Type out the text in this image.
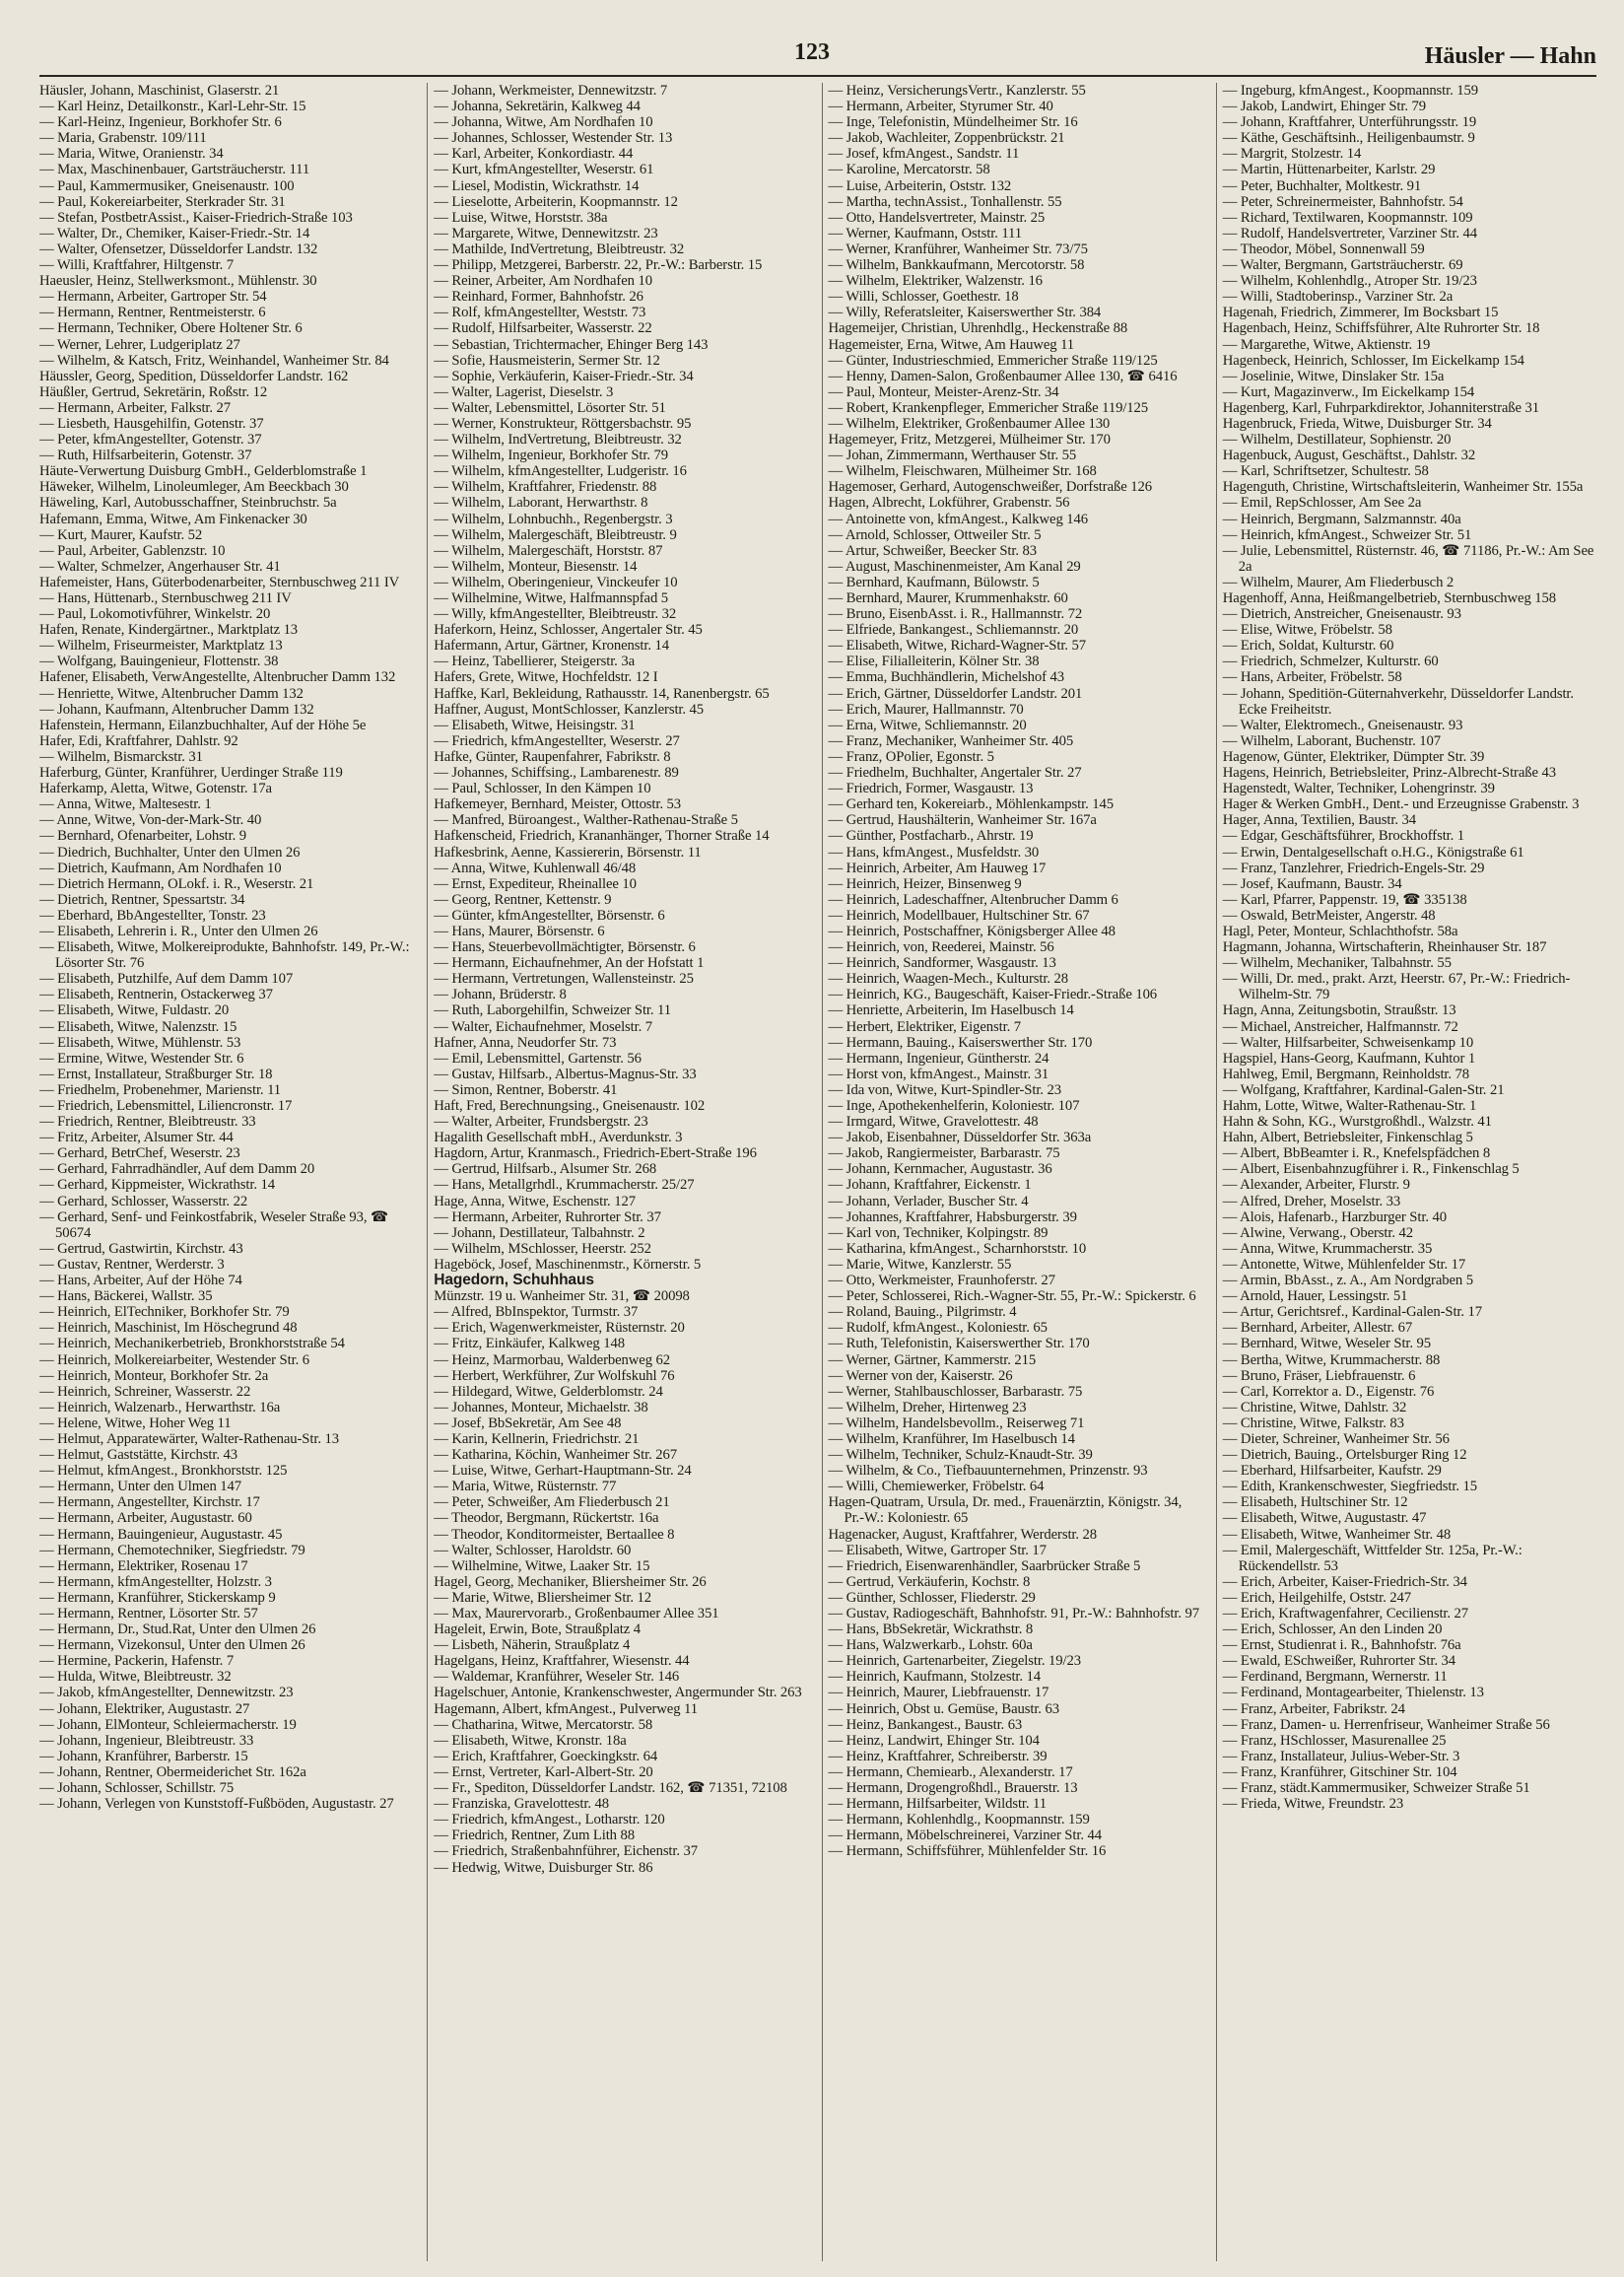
123	Häusler — Hahn

Häusler, Johann, Maschinist, Glaserstr. 21

— Karl Heinz, Detailkonstr., Karl-Lehr-Str. 15

— Karl-Heinz, Ingenieur, Borkhofer Str. 6

— Maria, Grabenstr. 109/111

— Maria, Witwe, Oranienstr. 34

— Max, Maschinenbauer, Gartsträucherstr. 111

— Paul, Kammermusiker, Gneisenaustr. 100

— Paul, Kokereiarbeiter, Sterkrader Str. 31

— Stefan, PostbetrAssist., Kaiser-Friedrich-Straße 103

— Walter, Dr., Chemiker, Kaiser-Friedr.-Str. 14

— Walter, Ofensetzer, Düsseldorfer Landstr. 132

— Willi, Kraftfahrer, Hiltgenstr. 7

Haeusler, Heinz, Stellwerksmont., Mühlenstr. 30

— Hermann, Arbeiter, Gartroper Str. 54

— Hermann, Rentner, Rentmeisterstr. 6

— Hermann, Techniker, Obere Holtener Str. 6

— Werner, Lehrer, Ludgeriplatz 27

— Wilhelm, & Katsch, Fritz, Weinhandel, Wanheimer Str. 84

Häussler, Georg, Spedition, Düsseldorfer Landstr. 162

Häußler, Gertrud, Sekretärin, Roßstr. 12

— Hermann, Arbeiter, Falkstr. 27

— Liesbeth, Hausgehilfin, Gotenstr. 37

— Peter, kfmAngestellter, Gotenstr. 37

— Ruth, Hilfsarbeiterin, Gotenstr. 37

Häute-Verwertung Duisburg GmbH., Gelderblomstraße 1

Häweker, Wilhelm, Linoleumleger, Am Beeckbach 30

Häweling, Karl, Autobusschaffner, Steinbruchstr. 5a

Hafemann, Emma, Witwe, Am Finkenacker 30

— Kurt, Maurer, Kaufstr. 52

— Paul, Arbeiter, Gablenzstr. 10

— Walter, Schmelzer, Angerhauser Str. 41

Hafemeister, Hans, Güterbodenarbeiter, Sternbuschweg 211 IV

— Hans, Hüttenarb., Sternbuschweg 211 IV

— Paul, Lokomotivführer, Winkelstr. 20

Hafen, Renate, Kindergärtner., Marktplatz 13

— Wilhelm, Friseurmeister, Marktplatz 13

— Wolfgang, Bauingenieur, Flottenstr. 38

Hafener, Elisabeth, VerwAngestellte, Altenbrucher Damm 132

— Henriette, Witwe, Altenbrucher Damm 132

— Johann, Kaufmann, Altenbrucher Damm 132

Hafenstein, Hermann, Eilanzbuchhalter, Auf der Höhe 5e

Hafer, Edi, Kraftfahrer, Dahlstr. 92

— Wilhelm, Bismarckstr. 31

Haferburg, Günter, Kranführer, Uerdinger Straße 119

Haferkamp, Aletta, Witwe, Gotenstr. 17a

— Anna, Witwe, Maltesestr. 1

— Anne, Witwe, Von-der-Mark-Str. 40

— Bernhard, Ofenarbeiter, Lohstr. 9

— Diedrich, Buchhalter, Unter den Ulmen 26

— Dietrich, Kaufmann, Am Nordhafen 10

— Dietrich Hermann, OLokf. i. R., Weserstr. 21

— Dietrich, Rentner, Spessartstr. 34

— Eberhard, BbAngestellter, Tonstr. 23

— Elisabeth, Lehrerin i. R., Unter den Ulmen 26

— Elisabeth, Witwe, Molkereiprodukte, Bahnhofstr. 149, Pr.-W.: Lösorter Str. 76

— Elisabeth, Putzhilfe, Auf dem Damm 107

— Elisabeth, Rentnerin, Ostackerweg 37

— Elisabeth, Witwe, Fuldastr. 20

— Elisabeth, Witwe, Nalenzstr. 15

— Elisabeth, Witwe, Mühlenstr. 53

— Ermine, Witwe, Westender Str. 6

— Ernst, Installateur, Straßburger Str. 18

— Friedhelm, Probenehmer, Marienstr. 11

— Friedrich, Lebensmittel, Liliencronstr. 17

— Friedrich, Rentner, Bleibtreustr. 33

— Fritz, Arbeiter, Alsumer Str. 44

— Gerhard, BetrChef, Weserstr. 23

— Gerhard, Fahrradhändler, Auf dem Damm 20

— Gerhard, Kippmeister, Wickrathstr. 14

— Gerhard, Schlosser, Wasserstr. 22

— Gerhard, Senf- und Feinkostfabrik, Weseler Straße 93, ☎ 50674

— Gertrud, Gastwirtin, Kirchstr. 43

— Gustav, Rentner, Werderstr. 3

— Hans, Arbeiter, Auf der Höhe 74

— Hans, Bäckerei, Wallstr. 35

— Heinrich, ElTechniker, Borkhofer Str. 79

— Heinrich, Maschinist, Im Höschegrund 48

— Heinrich, Mechanikerbetrieb, Bronkhorststraße 54

— Heinrich, Molkereiarbeiter, Westender Str. 6

— Heinrich, Monteur, Borkhofer Str. 2a

— Heinrich, Schreiner, Wasserstr. 22

— Heinrich, Walzenarb., Herwarthstr. 16a

— Helene, Witwe, Hoher Weg 11

— Helmut, Apparatewärter, Walter-Rathenau-Str. 13

— Helmut, Gaststätte, Kirchstr. 43

— Helmut, kfmAngest., Bronkhorststr. 125

— Hermann, Unter den Ulmen 147

— Hermann, Angestellter, Kirchstr. 17

— Hermann, Arbeiter, Augustastr. 60

— Hermann, Bauingenieur, Augustastr. 45

— Hermann, Chemotechniker, Siegfriedstr. 79

— Hermann, Elektriker, Rosenau 17

— Hermann, kfmAngestellter, Holzstr. 3

— Hermann, Kranführer, Stickerskamp 9

— Hermann, Rentner, Lösorter Str. 57

— Hermann, Dr., Stud.Rat, Unter den Ulmen 26

— Hermann, Vizekonsul, Unter den Ulmen 26

— Hermine, Packerin, Hafenstr. 7

— Hulda, Witwe, Bleibtreustr. 32

— Jakob, kfmAngestellter, Dennewitzstr. 23

— Johann, Elektriker, Augustastr. 27

— Johann, ElMonteur, Schleiermacherstr. 19

— Johann, Ingenieur, Bleibtreustr. 33

— Johann, Kranführer, Barberstr. 15

— Johann, Rentner, Obermeiderichet Str. 162a

— Johann, Schlosser, Schillstr. 75

— Johann, Verlegen von Kunststoff-Fußböden, Augustastr. 27

— Johann, Werkmeister, Dennewitzstr. 7

— Johanna, Sekretärin, Kalkweg 44

— Johanna, Witwe, Am Nordhafen 10

— Johannes, Schlosser, Westender Str. 13

— Karl, Arbeiter, Konkordiastr. 44

— Kurt, kfmAngestellter, Weserstr. 61

— Liesel, Modistin, Wickrathstr. 14

— Lieselotte, Arbeiterin, Koopmannstr. 12

— Luise, Witwe, Horststr. 38a

— Margarete, Witwe, Dennewitzstr. 23

— Mathilde, IndVertretung, Bleibtreustr. 32

— Philipp, Metzgerei, Barberstr. 22, Pr.-W.: Barberstr. 15

— Reiner, Arbeiter, Am Nordhafen 10

— Reinhard, Former, Bahnhofstr. 26

— Rolf, kfmAngestellter, Weststr. 73

— Rudolf, Hilfsarbeiter, Wasserstr. 22

— Sebastian, Trichtermacher, Ehinger Berg 143

— Sofie, Hausmeisterin, Sermer Str. 12

— Sophie, Verkäuferin, Kaiser-Friedr.-Str. 34

— Walter, Lagerist, Dieselstr. 3

— Walter, Lebensmittel, Lösorter Str. 51

— Werner, Konstrukteur, Röttgersbachstr. 95

— Wilhelm, IndVertretung, Bleibtreustr. 32

— Wilhelm, Ingenieur, Borkhofer Str. 79

— Wilhelm, kfmAngestellter, Ludgeristr. 16

— Wilhelm, Kraftfahrer, Friedenstr. 88

— Wilhelm, Laborant, Herwarthstr. 8

— Wilhelm, Lohnbuchh., Regenbergstr. 3

— Wilhelm, Malergeschäft, Bleibtreustr. 9

— Wilhelm, Malergeschäft, Horststr. 87

— Wilhelm, Monteur, Biesenstr. 14

— Wilhelm, Oberingenieur, Vinckeufer 10

— Wilhelmine, Witwe, Halfmannspfad 5

— Willy, kfmAngestellter, Bleibtreustr. 32

Haferkorn, Heinz, Schlosser, Angertaler Str. 45

Hafermann, Artur, Gärtner, Kronenstr. 14

— Heinz, Tabellierer, Steigerstr. 3a

Hafers, Grete, Witwe, Hochfeldstr. 12 I

Haffke, Karl, Bekleidung, Rathausstr. 14, Ranenbergstr. 65

Haffner, August, MontSchlosser, Kanzlerstr. 45

— Elisabeth, Witwe, Heisingstr. 31

— Friedrich, kfmAngestellter, Weserstr. 27

Hafke, Günter, Raupenfahrer, Fabrikstr. 8

— Johannes, Schiffsing., Lambarenestr. 89

— Paul, Schlosser, In den Kämpen 10

Hafkemeyer, Bernhard, Meister, Ottostr. 53

— Manfred, Büroangest., Walther-Rathenau-Straße 5

Hafkenscheid, Friedrich, Krananhänger, Thorner Straße 14

Hafkesbrink, Aenne, Kassiererin, Börsenstr. 11

— Anna, Witwe, Kuhlenwall 46/48

— Ernst, Expediteur, Rheinallee 10

— Georg, Rentner, Kettenstr. 9

— Günter, kfmAngestellter, Börsenstr. 6

— Hans, Maurer, Börsenstr. 6

— Hans, Steuerbevollmächtigter, Börsenstr. 6

— Hermann, Eichaufnehmer, An der Hofstatt 1

— Hermann, Vertretungen, Wallensteinstr. 25

— Johann, Brüderstr. 8

— Ruth, Laborgehilfin, Schweizer Str. 11

— Walter, Eichaufnehmer, Moselstr. 7

Hafner, Anna, Neudorfer Str. 73

— Emil, Lebensmittel, Gartenstr. 56

— Gustav, Hilfsarb., Albertus-Magnus-Str. 33

— Simon, Rentner, Boberstr. 41

Haft, Fred, Berechnungsing., Gneisenaustr. 102

— Walter, Arbeiter, Frundsbergstr. 23

Hagalith Gesellschaft mbH., Averdunkstr. 3

Hagdorn, Artur, Kranmasch., Friedrich-Ebert-Straße 196

— Gertrud, Hilfsarb., Alsumer Str. 268

— Hans, Metallgrhdl., Krummacherstr. 25/27

Hage, Anna, Witwe, Eschenstr. 127

— Hermann, Arbeiter, Ruhrorter Str. 37

— Johann, Destillateur, Talbahnstr. 2

— Wilhelm, MSchlosser, Heerstr. 252

Hageböck, Josef, Maschinenmstr., Körnerstr. 5

Hagedorn, Schuhhaus

Münzstr. 19 u. Wanheimer Str. 31, ☎ 20098

— Alfred, BbInspektor, Turmstr. 37

— Erich, Wagenwerkmeister, Rüsternstr. 20

— Fritz, Einkäufer, Kalkweg 148

— Heinz, Marmorbau, Walderbenweg 62

— Herbert, Werkführer, Zur Wolfskuhl 76

— Hildegard, Witwe, Gelderblomstr. 24

— Johannes, Monteur, Michaelstr. 38

— Josef, BbSekretär, Am See 48

— Karin, Kellnerin, Friedrichstr. 21

— Katharina, Köchin, Wanheimer Str. 267

— Luise, Witwe, Gerhart-Hauptmann-Str. 24

— Maria, Witwe, Rüsternstr. 77

— Peter, Schweißer, Am Fliederbusch 21

— Theodor, Bergmann, Rückertstr. 16a

— Theodor, Konditormeister, Bertaallee 8

— Walter, Schlosser, Haroldstr. 60

— Wilhelmine, Witwe, Laaker Str. 15

Hagel, Georg, Mechaniker, Bliersheimer Str. 26

— Marie, Witwe, Bliersheimer Str. 12

— Max, Maurervorarb., Großenbaumer Allee 351

Hageleit, Erwin, Bote, Straußplatz 4

— Lisbeth, Näherin, Straußplatz 4

Hagelgans, Heinz, Kraftfahrer, Wiesenstr. 44

— Waldemar, Kranführer, Weseler Str. 146

Hagelschuer, Antonie, Krankenschwester, Angermunder Str. 263

Hagemann, Albert, kfmAngest., Pulverweg 11

— Chatharina, Witwe, Mercatorstr. 58

— Elisabeth, Witwe, Kronstr. 18a

— Erich, Kraftfahrer, Goeckingkstr. 64

— Ernst, Vertreter, Karl-Albert-Str. 20

— Fr., Spediton, Düsseldorfer Landstr. 162, ☎ 71351, 72108

— Franziska, Gravelottestr. 48

— Friedrich, kfmAngest., Lotharstr. 120

— Friedrich, Rentner, Zum Lith 88

— Friedrich, Straßenbahnführer, Eichenstr. 37

— Hedwig, Witwe, Duisburger Str. 86

— Heinz, VersicherungsVertr., Kanzlerstr. 55

— Hermann, Arbeiter, Styrumer Str. 40

— Inge, Telefonistin, Mündelheimer Str. 16

— Jakob, Wachleiter, Zoppenbrückstr. 21

— Josef, kfmAngest., Sandstr. 11

— Karoline, Mercatorstr. 58

— Luise, Arbeiterin, Oststr. 132

— Martha, technAssist., Tonhallenstr. 55

— Otto, Handelsvertreter, Mainstr. 25

— Werner, Kaufmann, Oststr. 111

— Werner, Kranführer, Wanheimer Str. 73/75

— Wilhelm, Bankkaufmann, Mercotorstr. 58

— Wilhelm, Elektriker, Walzenstr. 16

— Willi, Schlosser, Goethestr. 18

— Willy, Referatsleiter, Kaiserswerther Str. 384

Hagemeijer, Christian, Uhrenhdlg., Heckenstraße 88

Hagemeister, Erna, Witwe, Am Hauweg 11

— Günter, Industrieschmied, Emmericher Straße 119/125

— Henny, Damen-Salon, Großenbaumer Allee 130, ☎ 6416

— Paul, Monteur, Meister-Arenz-Str. 34

— Robert, Krankenpfleger, Emmericher Straße 119/125

— Wilhelm, Elektriker, Großenbaumer Allee 130

Hagemeyer, Fritz, Metzgerei, Mülheimer Str. 170

— Johan, Zimmermann, Werthauser Str. 55

— Wilhelm, Fleischwaren, Mülheimer Str. 168

Hagemoser, Gerhard, Autogenschweißer, Dorfstraße 126

Hagen, Albrecht, Lokführer, Grabenstr. 56

— Antoinette von, kfmAngest., Kalkweg 146

— Arnold, Schlosser, Ottweiler Str. 5

— Artur, Schweißer, Beecker Str. 83

— August, Maschinenmeister, Am Kanal 29

— Bernhard, Kaufmann, Bülowstr. 5

— Bernhard, Maurer, Krummenhakstr. 60

— Bruno, EisenbAsst. i. R., Hallmannstr. 72

— Elfriede, Bankangest., Schliemannstr. 20

— Elisabeth, Witwe, Richard-Wagner-Str. 57

— Elise, Filialleiterin, Kölner Str. 38

— Emma, Buchhändlerin, Michelshof 43

— Erich, Gärtner, Düsseldorfer Landstr. 201

— Erich, Maurer, Hallmannstr. 70

— Erna, Witwe, Schliemannstr. 20

— Franz, Mechaniker, Wanheimer Str. 405

— Franz, OPolier, Egonstr. 5

— Friedhelm, Buchhalter, Angertaler Str. 27

— Friedrich, Former, Wasgaustr. 13

— Gerhard ten, Kokereiarb., Möhlenkampstr. 145

— Gertrud, Haushälterin, Wanheimer Str. 167a

— Günther, Postfacharb., Ahrstr. 19

— Hans, kfmAngest., Musfeldstr. 30

— Heinrich, Arbeiter, Am Hauweg 17

— Heinrich, Heizer, Binsenweg 9

— Heinrich, Ladeschaffner, Altenbrucher Damm 6

— Heinrich, Modellbauer, Hultschiner Str. 67

— Heinrich, Postschaffner, Königsberger Allee 48

— Heinrich, von, Reederei, Mainstr. 56

— Heinrich, Sandformer, Wasgaustr. 13

— Heinrich, Waagen-Mech., Kulturstr. 28

— Heinrich, KG., Baugeschäft, Kaiser-Friedr.-Straße 106

— Henriette, Arbeiterin, Im Haselbusch 14

— Herbert, Elektriker, Eigenstr. 7

— Hermann, Bauing., Kaiserswerther Str. 170

— Hermann, Ingenieur, Güntherstr. 24

— Horst von, kfmAngest., Mainstr. 31

— Ida von, Witwe, Kurt-Spindler-Str. 23

— Inge, Apothekenhelferin, Koloniestr. 107

— Irmgard, Witwe, Gravelottestr. 48

— Jakob, Eisenbahner, Düsseldorfer Str. 363a

— Jakob, Rangiermeister, Barbarastr. 75

— Johann, Kernmacher, Augustastr. 36

— Johann, Kraftfahrer, Eickenstr. 1

— Johann, Verlader, Buscher Str. 4

— Johannes, Kraftfahrer, Habsburgerstr. 39

— Karl von, Techniker, Kolpingstr. 89

— Katharina, kfmAngest., Scharnhorststr. 10

— Marie, Witwe, Kanzlerstr. 55

— Otto, Werkmeister, Fraunhoferstr. 27

— Peter, Schlosserei, Rich.-Wagner-Str. 55, Pr.-W.: Spickerstr. 6

— Roland, Bauing., Pilgrimstr. 4

— Rudolf, kfmAngest., Koloniestr. 65

— Ruth, Telefonistin, Kaiserswerther Str. 170

— Werner, Gärtner, Kammerstr. 215

— Werner von der, Kaiserstr. 26

— Werner, Stahlbauschlosser, Barbarastr. 75

— Wilhelm, Dreher, Hirtenweg 23

— Wilhelm, Handelsbevollm., Reiserweg 71

— Wilhelm, Kranführer, Im Haselbusch 14

— Wilhelm, Techniker, Schulz-Knaudt-Str. 39

— Wilhelm, & Co., Tiefbauunternehmen, Prinzenstr. 93

— Willi, Chemiewerker, Fröbelstr. 64

Hagen-Quatram, Ursula, Dr. med., Frauenärztin, Königstr. 34, Pr.-W.: Koloniestr. 65

Hagenacker, August, Kraftfahrer, Werderstr. 28

— Elisabeth, Witwe, Gartroper Str. 17

— Friedrich, Eisenwarenhändler, Saarbrücker Straße 5

— Gertrud, Verkäuferin, Kochstr. 8

— Günther, Schlosser, Fliederstr. 29

— Gustav, Radiogeschäft, Bahnhofstr. 91, Pr.-W.: Bahnhofstr. 97

— Hans, BbSekretär, Wickrathstr. 8

— Hans, Walzwerkarb., Lohstr. 60a

— Heinrich, Gartenarbeiter, Ziegelstr. 19/23

— Heinrich, Kaufmann, Stolzestr. 14

— Heinrich, Maurer, Liebfrauenstr. 17

— Heinrich, Obst u. Gemüse, Baustr. 63

— Heinz, Bankangest., Baustr. 63

— Heinz, Landwirt, Ehinger Str. 104

— Heinz, Kraftfahrer, Schreiberstr. 39

— Hermann, Chemiearb., Alexanderstr. 17

— Hermann, Drogengroßhdl., Brauerstr. 13

— Hermann, Hilfsarbeiter, Wildstr. 11

— Hermann, Kohlenhdlg., Koopmannstr. 159

— Hermann, Möbelschreinerei, Varziner Str. 44

— Hermann, Schiffsführer, Mühlenfelder Str. 16

— Ingeburg, kfmAngest., Koopmannstr. 159

— Jakob, Landwirt, Ehinger Str. 79

— Johann, Kraftfahrer, Unterführungsstr. 19

— Käthe, Geschäftsinh., Heiligenbaumstr. 9

— Margrit, Stolzestr. 14

— Martin, Hüttenarbeiter, Karlstr. 29

— Peter, Buchhalter, Moltkestr. 91

— Peter, Schreinermeister, Bahnhofstr. 54

— Richard, Textilwaren, Koopmannstr. 109

— Rudolf, Handelsvertreter, Varziner Str. 44

— Theodor, Möbel, Sonnenwall 59

— Walter, Bergmann, Gartsträucherstr. 69

— Wilhelm, Kohlenhdlg., Atroper Str. 19/23

— Willi, Stadtoberinsp., Varziner Str. 2a

Hagenah, Friedrich, Zimmerer, Im Bocksbart 15

Hagenbach, Heinz, Schiffsführer, Alte Ruhrorter Str. 18

— Margarethe, Witwe, Aktienstr. 19

Hagenbeck, Heinrich, Schlosser, Im Eickelkamp 154

— Joselinie, Witwe, Dinslaker Str. 15a

— Kurt, Magazinverw., Im Eickelkamp 154

Hagenberg, Karl, Fuhrparkdirektor, Johanniterstraße 31

Hagenbruck, Frieda, Witwe, Duisburger Str. 34

— Wilhelm, Destillateur, Sophienstr. 20

Hagenbuck, August, Geschäftst., Dahlstr. 32

— Karl, Schriftsetzer, Schultestr. 58

Hagenguth, Christine, Wirtschaftsleiterin, Wanheimer Str. 155a

— Emil, RepSchlosser, Am See 2a

— Heinrich, Bergmann, Salzmannstr. 40a

— Heinrich, kfmAngest., Schweizer Str. 51

— Julie, Lebensmittel, Rüsternstr. 46, ☎ 71186, Pr.-W.: Am See 2a

— Wilhelm, Maurer, Am Fliederbusch 2

Hagenhoff, Anna, Heißmangelbetrieb, Sternbuschweg 158

— Dietrich, Anstreicher, Gneisenaustr. 93

— Elise, Witwe, Fröbelstr. 58

— Erich, Soldat, Kulturstr. 60

— Friedrich, Schmelzer, Kulturstr. 60

— Hans, Arbeiter, Fröbelstr. 58

— Johann, Speditiön-Güternahverkehr, Düsseldorfer Landstr. Ecke Freiheitstr.

— Walter, Elektromech., Gneisenaustr. 93

— Wilhelm, Laborant, Buchenstr. 107

Hagenow, Günter, Elektriker, Dümpter Str. 39

Hagens, Heinrich, Betriebsleiter, Prinz-Albrecht-Straße 43

Hagenstedt, Walter, Techniker, Lohengrinstr. 39

Hager & Werken GmbH., Dent.- und Erzeugnisse Grabenstr. 3

Hager, Anna, Textilien, Baustr. 34

— Edgar, Geschäftsführer, Brockhoffstr. 1

— Erwin, Dentalgesellschaft o.H.G., Königstraße 61

— Franz, Tanzlehrer, Friedrich-Engels-Str. 29

— Josef, Kaufmann, Baustr. 34

— Karl, Pfarrer, Pappenstr. 19, ☎ 335138

— Oswald, BetrMeister, Angerstr. 48

Hagl, Peter, Monteur, Schlachthofstr. 58a

Hagmann, Johanna, Wirtschafterin, Rheinhauser Str. 187

— Wilhelm, Mechaniker, Talbahnstr. 55

— Willi, Dr. med., prakt. Arzt, Heerstr. 67, Pr.-W.: Friedrich-Wilhelm-Str. 79

Hagn, Anna, Zeitungsbotin, Straußstr. 13

— Michael, Anstreicher, Halfmannstr. 72

— Walter, Hilfsarbeiter, Schweisenkamp 10

Hagspiel, Hans-Georg, Kaufmann, Kuhtor 1

Hahlweg, Emil, Bergmann, Reinholdstr. 78

— Wolfgang, Kraftfahrer, Kardinal-Galen-Str. 21

Hahm, Lotte, Witwe, Walter-Rathenau-Str. 1

Hahn & Sohn, KG., Wurstgroßhdl., Walzstr. 41

Hahn, Albert, Betriebsleiter, Finkenschlag 5

— Albert, BbBeamter i. R., Knefelspfädchen 8

— Albert, Eisenbahnzugführer i. R., Finkenschlag 5

— Alexander, Arbeiter, Flurstr. 9

— Alfred, Dreher, Moselstr. 33

— Alois, Hafenarb., Harzburger Str. 40

— Alwine, Verwang., Oberstr. 42

— Anna, Witwe, Krummacherstr. 35

— Antonette, Witwe, Mühlenfelder Str. 17

— Armin, BbAsst., z. A., Am Nordgraben 5

— Arnold, Hauer, Lessingstr. 51

— Artur, Gerichtsref., Kardinal-Galen-Str. 17

— Bernhard, Arbeiter, Allestr. 67

— Bernhard, Witwe, Weseler Str. 95

— Bertha, Witwe, Krummacherstr. 88

— Bruno, Fräser, Liebfrauenstr. 6

— Carl, Korrektor a. D., Eigenstr. 76

— Christine, Witwe, Dahlstr. 32

— Christine, Witwe, Falkstr. 83

— Dieter, Schreiner, Wanheimer Str. 56

— Dietrich, Bauing., Ortelsburger Ring 12

— Eberhard, Hilfsarbeiter, Kaufstr. 29

— Edith, Krankenschwester, Siegfriedstr. 15

— Elisabeth, Hultschiner Str. 12

— Elisabeth, Witwe, Augustastr. 47

— Elisabeth, Witwe, Wanheimer Str. 48

— Emil, Malergeschäft, Wittfelder Str. 125a, Pr.-W.: Rückendellstr. 53

— Erich, Arbeiter, Kaiser-Friedrich-Str. 34

— Erich, Heilgehilfe, Oststr. 247

— Erich, Kraftwagenfahrer, Cecilienstr. 27

— Erich, Schlosser, An den Linden 20

— Ernst, Studienrat i. R., Bahnhofstr. 76a

— Ewald, ESchweißer, Ruhrorter Str. 34

— Ferdinand, Bergmann, Wernerstr. 11

— Ferdinand, Montagearbeiter, Thielenstr. 13

— Franz, Arbeiter, Fabrikstr. 24

— Franz, Damen- u. Herrenfriseur, Wanheimer Straße 56

— Franz, HSchlosser, Masurenallee 25

— Franz, Installateur, Julius-Weber-Str. 3

— Franz, Kranführer, Gitschiner Str. 104

— Franz, städt.Kammermusiker, Schweizer Straße 51

— Frieda, Witwe, Freundstr. 23
